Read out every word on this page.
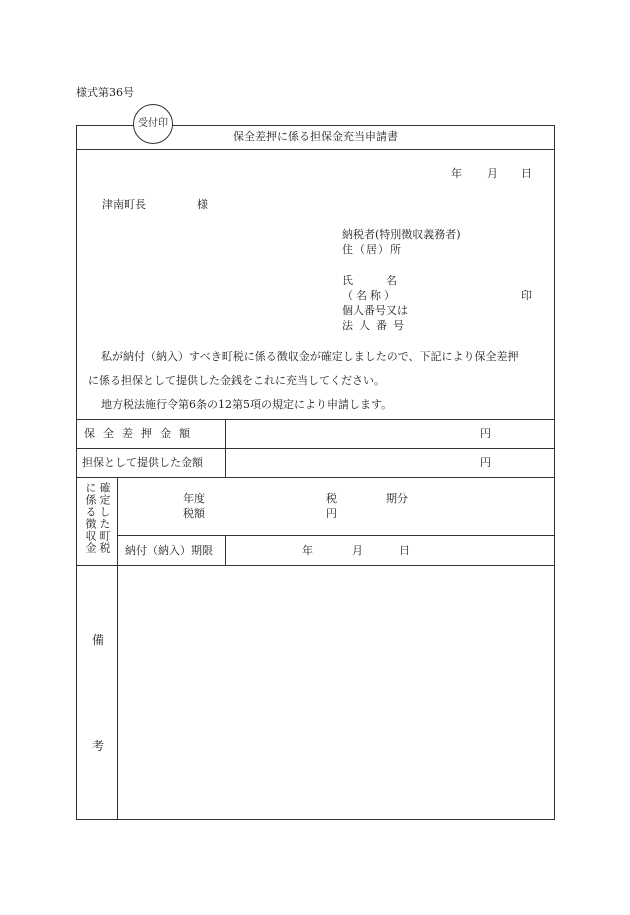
様式第36号
受付印
保全差押に係る担保金充当申請書
年 月 日
津南町長	様
納税者(特別徴収義務者)
住（居）所
氏　　　名
（名称）	印
個人番号又は
法人番号
私が納付（納入）すべき町税に係る徴収金が確定しましたので、下記により保全差押
に係る担保として提供した金銭をこれに充当してください。
地方税法施行令第6条の12第5項の規定により申請します。
保全差押金額	円
担保として提供した金額	円
確定した町税
に係る徴収金	年度	税	期分
税額	円
納付（納入）期限	年	月	日
備
考
